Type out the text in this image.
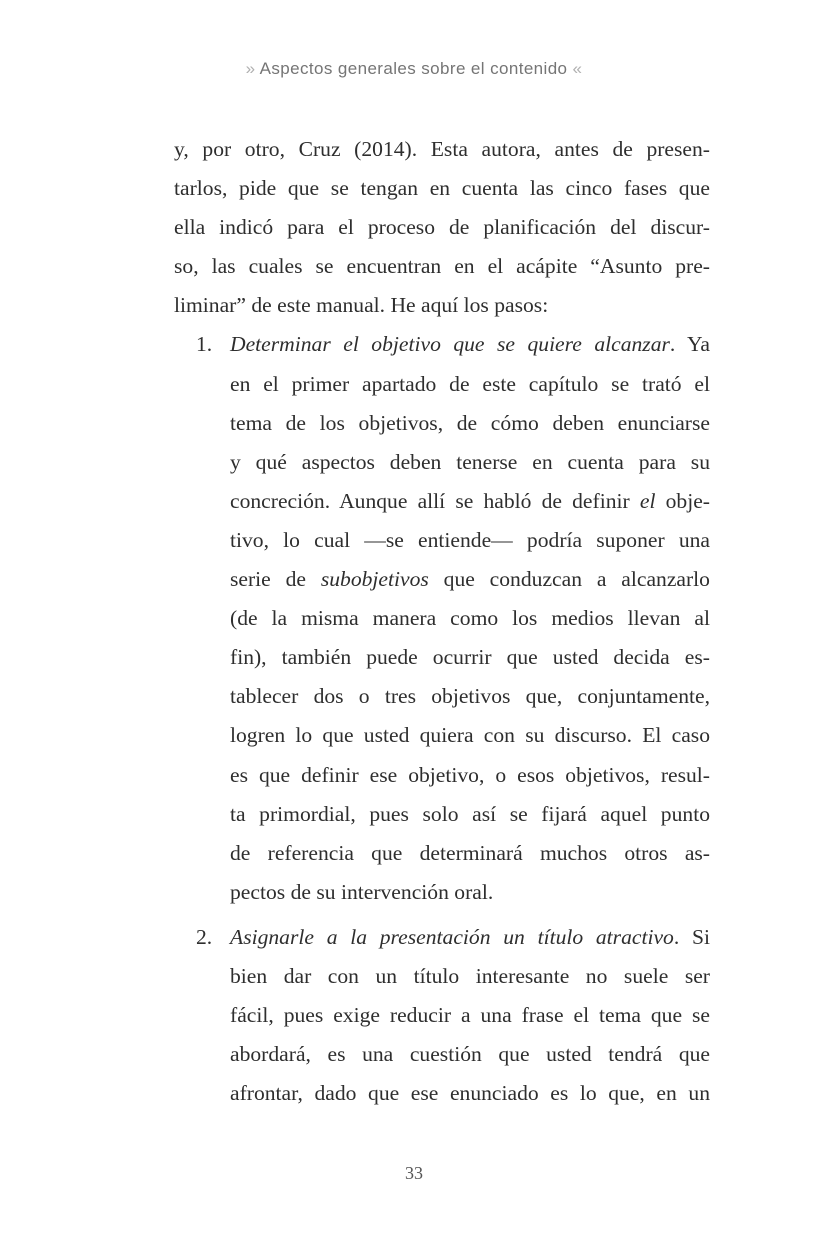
» Aspectos generales sobre el contenido «
y, por otro, Cruz (2014). Esta autora, antes de presen-
tarlos, pide que se tengan en cuenta las cinco fases que
ella indicó para el proceso de planificación del discur-
so, las cuales se encuentran en el acápite “Asunto pre-
liminar” de este manual. He aquí los pasos:
1. Determinar el objetivo que se quiere alcanzar. Ya
en el primer apartado de este capítulo se trató el
tema de los objetivos, de cómo deben enunciarse
y qué aspectos deben tenerse en cuenta para su
concreción. Aunque allí se habló de definir el obje-
tivo, lo cual —se entiende— podría suponer una
serie de subobjetivos que conduzcan a alcanzarlo
(de la misma manera como los medios llevan al
fin), también puede ocurrir que usted decida es-
tablecer dos o tres objetivos que, conjuntamente,
logren lo que usted quiera con su discurso. El caso
es que definir ese objetivo, o esos objetivos, resul-
ta primordial, pues solo así se fijará aquel punto
de referencia que determinará muchos otros as-
pectos de su intervención oral.
2. Asignarle a la presentación un título atractivo. Si
bien dar con un título interesante no suele ser
fácil, pues exige reducir a una frase el tema que se
abordará, es una cuestión que usted tendrá que
afrontar, dado que ese enunciado es lo que, en un
33
